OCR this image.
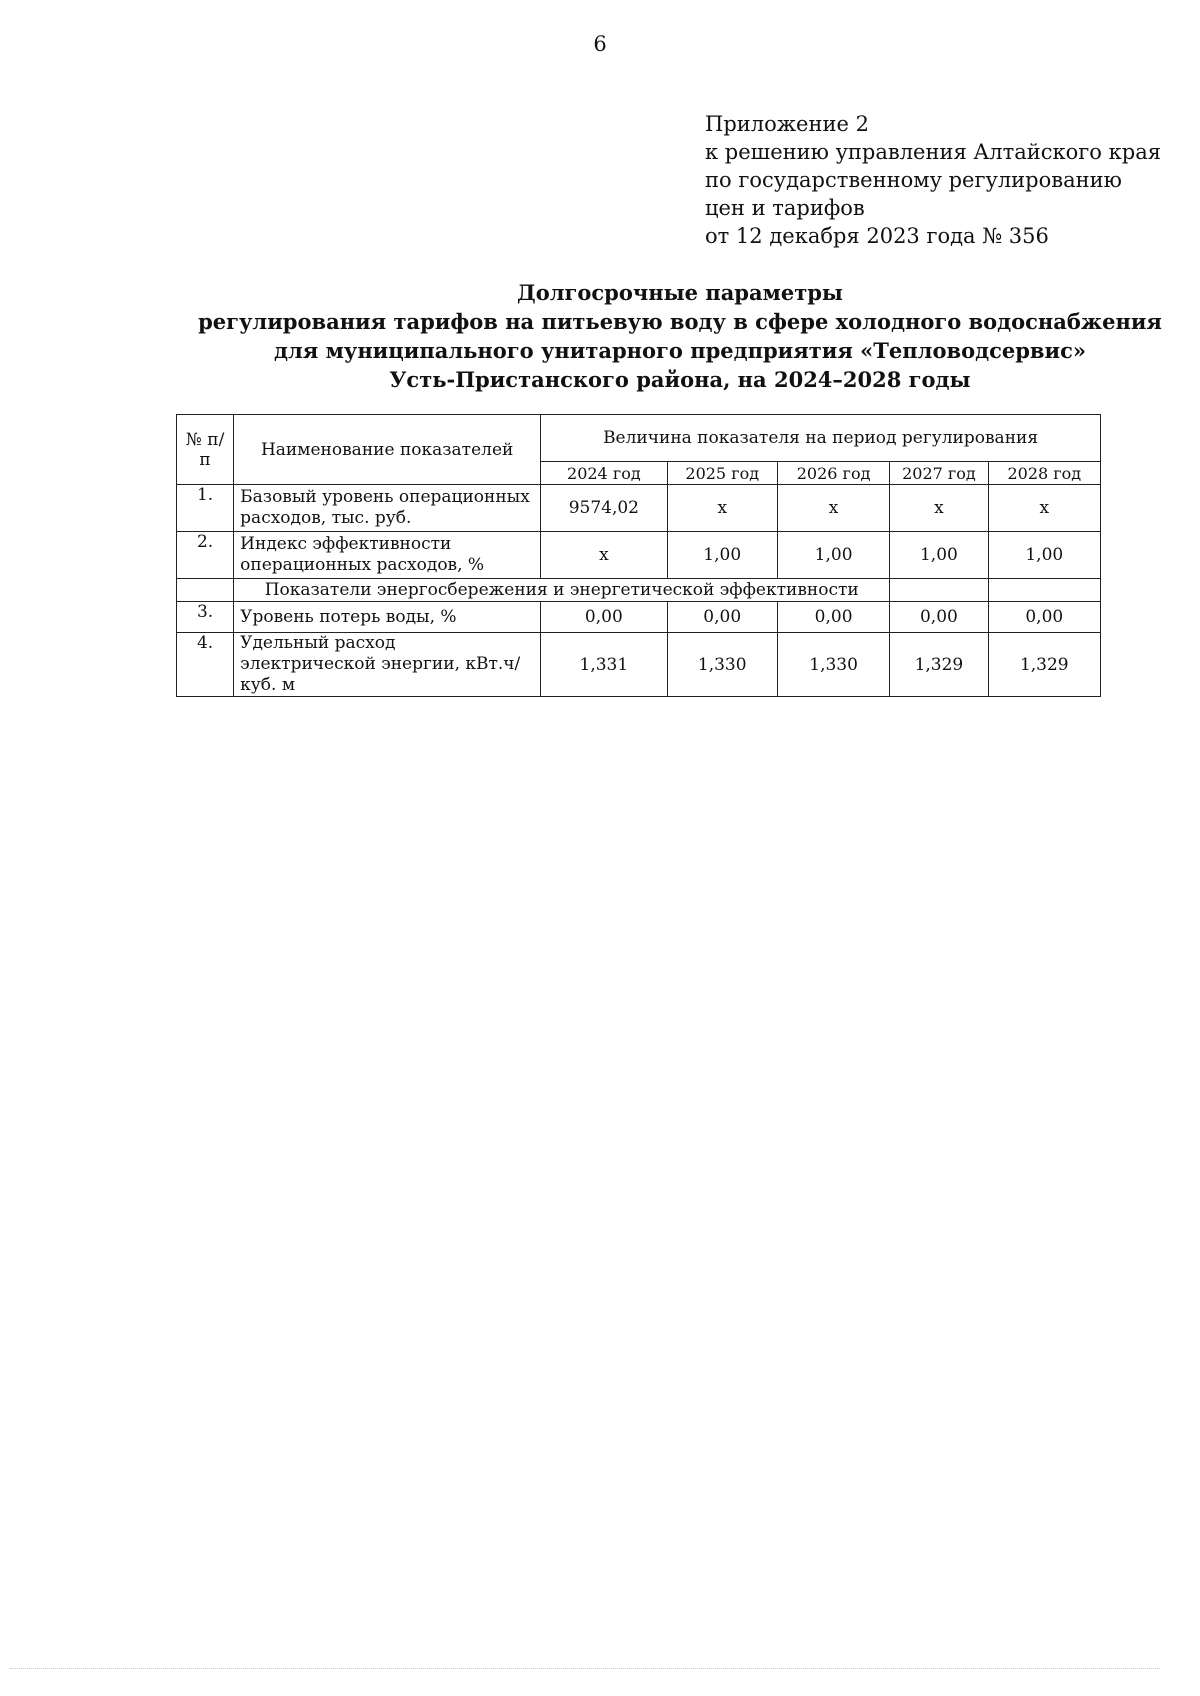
6
Приложение 2
к решению управления Алтайского края
по государственному регулированию
цен и тарифов
от 12 декабря 2023 года № 356
Долгосрочные параметры
регулирования тарифов на питьевую воду в сфере холодного водоснабжения
для муниципального унитарного предприятия «Тепловодсервис»
Усть-Пристанского района, на 2024–2028 годы
№ п/п	Наименование показателей	Величина показателя на период регулирования				
		2024 год	2025 год	2026 год	2027 год	2028 год
1.	Базовый уровень операционных расходов, тыс. руб.	9574,02	х	х	х	х
2.	Индекс эффективности операционных расходов, %	х	1,00	1,00	1,00	1,00
	Показатели энергосбережения и энергетической эффективности					
3.	Уровень потерь воды, %	0,00	0,00	0,00	0,00	0,00
4.	Удельный расход электрической энергии, кВт.ч/куб. м	1,331	1,330	1,330	1,329	1,329
